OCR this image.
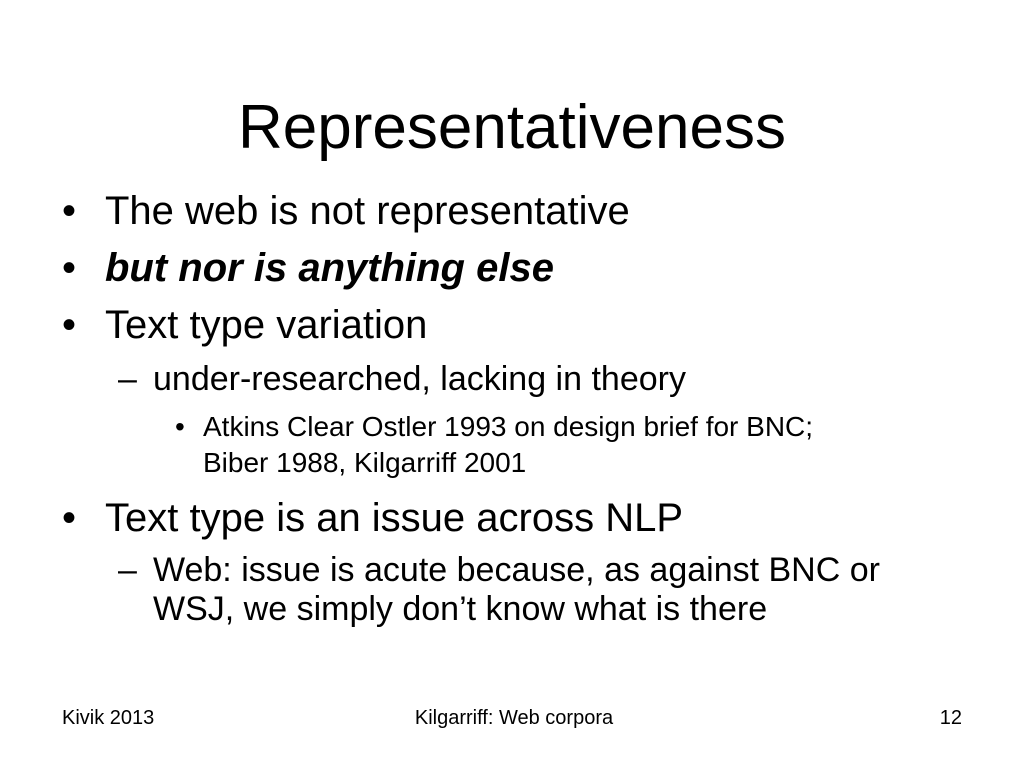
Representativeness
• The web is not representative
• but nor is anything else
• Text type variation
– under-researched, lacking in theory
• Atkins Clear Ostler 1993 on design brief for BNC;
Biber 1988, Kilgarriff 2001
• Text type is an issue across NLP
– Web: issue is acute because, as against BNC or
WSJ, we simply don’t know what is there
Kivik 2013	Kilgarriff: Web corpora	12
